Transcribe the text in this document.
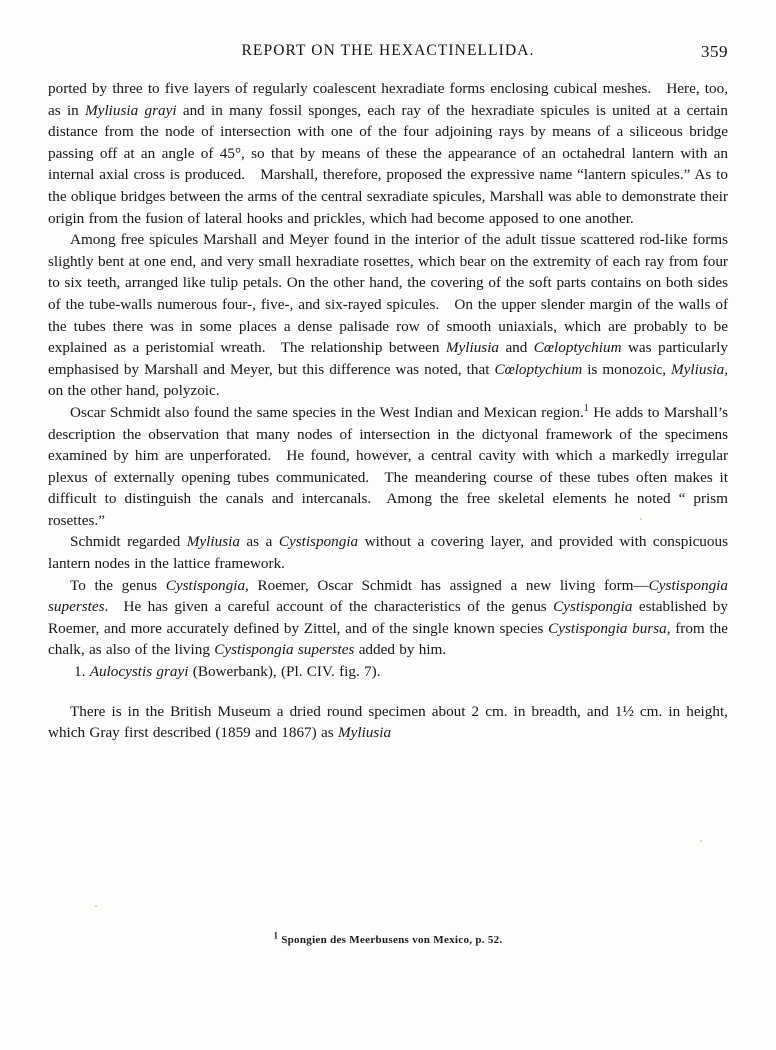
REPORT ON THE HEXACTINELLIDA.	359

ported by three to five layers of regularly coalescent hexradiate forms enclosing cubical meshes. Here, too, as in Myliusia grayi and in many fossil sponges, each ray of the hexradiate spicules is united at a certain distance from the node of intersection with one of the four adjoining rays by means of a siliceous bridge passing off at an angle of 45°, so that by means of these the appearance of an octahedral lantern with an internal axial cross is produced. Marshall, therefore, proposed the expressive name “lantern spicules.” As to the oblique bridges between the arms of the central sexradiate spicules, Marshall was able to demonstrate their origin from the fusion of lateral hooks and prickles, which had become apposed to one another.

Among free spicules Marshall and Meyer found in the interior of the adult tissue scattered rod-like forms slightly bent at one end, and very small hexradiate rosettes, which bear on the extremity of each ray from four to six teeth, arranged like tulip petals. On the other hand, the covering of the soft parts contains on both sides of the tube-walls numerous four-, five-, and six-rayed spicules. On the upper slender margin of the walls of the tubes there was in some places a dense palisade row of smooth uniaxials, which are probably to be explained as a peristomial wreath. The relationship between Myliusia and Cœloptychium was particularly emphasised by Marshall and Meyer, but this difference was noted, that Cœloptychium is monozoic, Myliusia, on the other hand, polyzoic.

Oscar Schmidt also found the same species in the West Indian and Mexican region.$^1$ He adds to Marshall’s description the observation that many nodes of intersection in the dictyonal framework of the specimens examined by him are unperforated. He found, however, a central cavity with which a markedly irregular plexus of externally opening tubes communicated. The meandering course of these tubes often makes it difficult to distinguish the canals and intercanals. Among the free skeletal elements he noted “ prism rosettes.”

Schmidt regarded Myliusia as a Cystispongia without a covering layer, and provided with conspicuous lantern nodes in the lattice framework.

To the genus Cystispongia, Roemer, Oscar Schmidt has assigned a new living form—Cystispongia superstes. He has given a careful account of the characteristics of the genus Cystispongia established by Roemer, and more accurately defined by Zittel, and of the single known species Cystispongia bursa, from the chalk, as also of the living Cystispongia superstes added by him.

1. Aulocystis grayi (Bowerbank), (Pl. CIV. fig. 7).

There is in the British Museum a dried round specimen about 2 cm. in breadth, and 1½ cm. in height, which Gray first described (1859 and 1867) as Myliusia

$^1$ Spongien des Meerbusens von Mexico, p. 52.
